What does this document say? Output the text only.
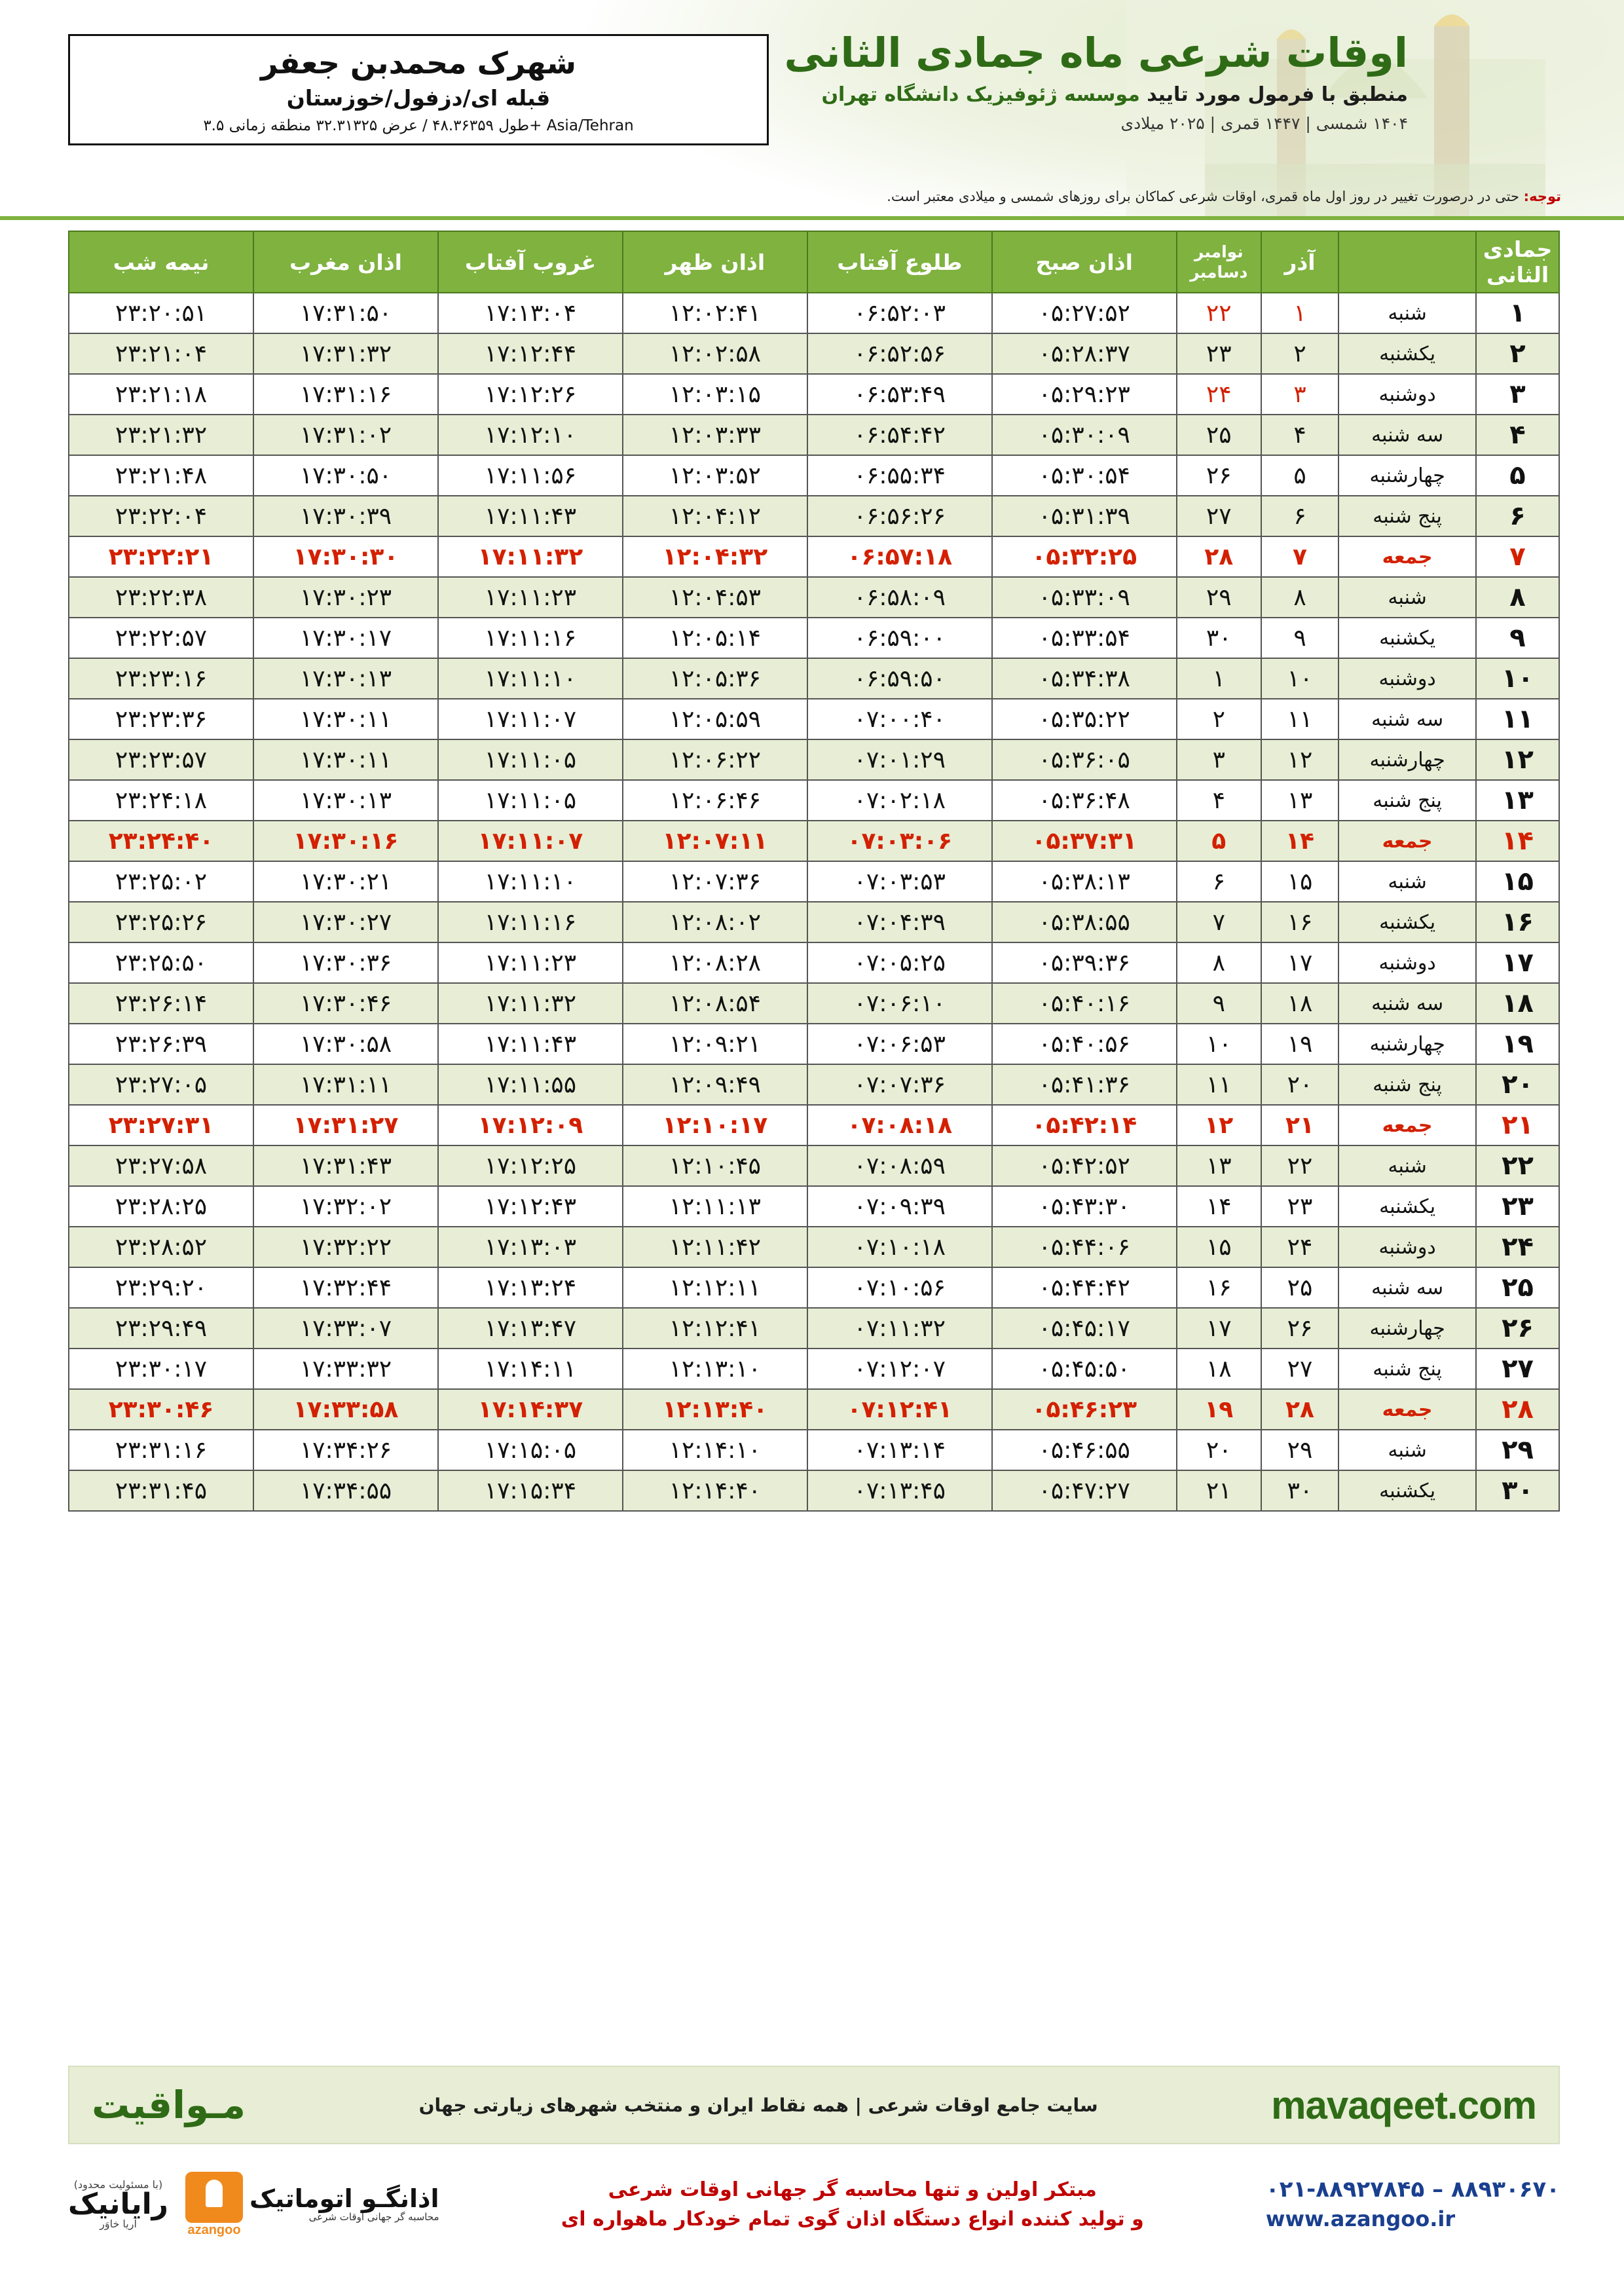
اوقات شرعی ماه جمادی الثانی
منطبق با فرمول مورد تایید موسسه ژئوفیزیک دانشگاه تهران
۱۴۰۴ شمسی | ۱۴۴۷ قمری | ۲۰۲۵ میلادی
شهرک محمدبن جعفر
قبله ای/دزفول/خوزستان
طول ۴۸.۳۶۳۵۹ / عرض ۳۲.۳۱۳۲۵ منطقه زمانی ۳.۵+ Asia/Tehran
توجه: حتی در درصورت تغییر در روز اول ماه قمری، اوقات شرعی کماکان برای روزهای شمسی و میلادی معتبر است.
جمادی الثانی		آذر	نوامبر
دسامبر	اذان صبح	طلوع آفتاب	اذان ظهر	غروب آفتاب	اذان مغرب	نیمه شب
۱	شنبه	۱	۲۲	۰۵:۲۷:۵۲	۰۶:۵۲:۰۳	۱۲:۰۲:۴۱	۱۷:۱۳:۰۴	۱۷:۳۱:۵۰	۲۳:۲۰:۵۱
۲	یکشنبه	۲	۲۳	۰۵:۲۸:۳۷	۰۶:۵۲:۵۶	۱۲:۰۲:۵۸	۱۷:۱۲:۴۴	۱۷:۳۱:۳۲	۲۳:۲۱:۰۴
۳	دوشنبه	۳	۲۴	۰۵:۲۹:۲۳	۰۶:۵۳:۴۹	۱۲:۰۳:۱۵	۱۷:۱۲:۲۶	۱۷:۳۱:۱۶	۲۳:۲۱:۱۸
۴	سه شنبه	۴	۲۵	۰۵:۳۰:۰۹	۰۶:۵۴:۴۲	۱۲:۰۳:۳۳	۱۷:۱۲:۱۰	۱۷:۳۱:۰۲	۲۳:۲۱:۳۲
۵	چهارشنبه	۵	۲۶	۰۵:۳۰:۵۴	۰۶:۵۵:۳۴	۱۲:۰۳:۵۲	۱۷:۱۱:۵۶	۱۷:۳۰:۵۰	۲۳:۲۱:۴۸
۶	پنج شنبه	۶	۲۷	۰۵:۳۱:۳۹	۰۶:۵۶:۲۶	۱۲:۰۴:۱۲	۱۷:۱۱:۴۳	۱۷:۳۰:۳۹	۲۳:۲۲:۰۴
۷	جمعه	۷	۲۸	۰۵:۳۲:۲۵	۰۶:۵۷:۱۸	۱۲:۰۴:۳۲	۱۷:۱۱:۳۲	۱۷:۳۰:۳۰	۲۳:۲۲:۲۱
۸	شنبه	۸	۲۹	۰۵:۳۳:۰۹	۰۶:۵۸:۰۹	۱۲:۰۴:۵۳	۱۷:۱۱:۲۳	۱۷:۳۰:۲۳	۲۳:۲۲:۳۸
۹	یکشنبه	۹	۳۰	۰۵:۳۳:۵۴	۰۶:۵۹:۰۰	۱۲:۰۵:۱۴	۱۷:۱۱:۱۶	۱۷:۳۰:۱۷	۲۳:۲۲:۵۷
۱۰	دوشنبه	۱۰	۱	۰۵:۳۴:۳۸	۰۶:۵۹:۵۰	۱۲:۰۵:۳۶	۱۷:۱۱:۱۰	۱۷:۳۰:۱۳	۲۳:۲۳:۱۶
۱۱	سه شنبه	۱۱	۲	۰۵:۳۵:۲۲	۰۷:۰۰:۴۰	۱۲:۰۵:۵۹	۱۷:۱۱:۰۷	۱۷:۳۰:۱۱	۲۳:۲۳:۳۶
۱۲	چهارشنبه	۱۲	۳	۰۵:۳۶:۰۵	۰۷:۰۱:۲۹	۱۲:۰۶:۲۲	۱۷:۱۱:۰۵	۱۷:۳۰:۱۱	۲۳:۲۳:۵۷
۱۳	پنج شنبه	۱۳	۴	۰۵:۳۶:۴۸	۰۷:۰۲:۱۸	۱۲:۰۶:۴۶	۱۷:۱۱:۰۵	۱۷:۳۰:۱۳	۲۳:۲۴:۱۸
۱۴	جمعه	۱۴	۵	۰۵:۳۷:۳۱	۰۷:۰۳:۰۶	۱۲:۰۷:۱۱	۱۷:۱۱:۰۷	۱۷:۳۰:۱۶	۲۳:۲۴:۴۰
۱۵	شنبه	۱۵	۶	۰۵:۳۸:۱۳	۰۷:۰۳:۵۳	۱۲:۰۷:۳۶	۱۷:۱۱:۱۰	۱۷:۳۰:۲۱	۲۳:۲۵:۰۲
۱۶	یکشنبه	۱۶	۷	۰۵:۳۸:۵۵	۰۷:۰۴:۳۹	۱۲:۰۸:۰۲	۱۷:۱۱:۱۶	۱۷:۳۰:۲۷	۲۳:۲۵:۲۶
۱۷	دوشنبه	۱۷	۸	۰۵:۳۹:۳۶	۰۷:۰۵:۲۵	۱۲:۰۸:۲۸	۱۷:۱۱:۲۳	۱۷:۳۰:۳۶	۲۳:۲۵:۵۰
۱۸	سه شنبه	۱۸	۹	۰۵:۴۰:۱۶	۰۷:۰۶:۱۰	۱۲:۰۸:۵۴	۱۷:۱۱:۳۲	۱۷:۳۰:۴۶	۲۳:۲۶:۱۴
۱۹	چهارشنبه	۱۹	۱۰	۰۵:۴۰:۵۶	۰۷:۰۶:۵۳	۱۲:۰۹:۲۱	۱۷:۱۱:۴۳	۱۷:۳۰:۵۸	۲۳:۲۶:۳۹
۲۰	پنج شنبه	۲۰	۱۱	۰۵:۴۱:۳۶	۰۷:۰۷:۳۶	۱۲:۰۹:۴۹	۱۷:۱۱:۵۵	۱۷:۳۱:۱۱	۲۳:۲۷:۰۵
۲۱	جمعه	۲۱	۱۲	۰۵:۴۲:۱۴	۰۷:۰۸:۱۸	۱۲:۱۰:۱۷	۱۷:۱۲:۰۹	۱۷:۳۱:۲۷	۲۳:۲۷:۳۱
۲۲	شنبه	۲۲	۱۳	۰۵:۴۲:۵۲	۰۷:۰۸:۵۹	۱۲:۱۰:۴۵	۱۷:۱۲:۲۵	۱۷:۳۱:۴۳	۲۳:۲۷:۵۸
۲۳	یکشنبه	۲۳	۱۴	۰۵:۴۳:۳۰	۰۷:۰۹:۳۹	۱۲:۱۱:۱۳	۱۷:۱۲:۴۳	۱۷:۳۲:۰۲	۲۳:۲۸:۲۵
۲۴	دوشنبه	۲۴	۱۵	۰۵:۴۴:۰۶	۰۷:۱۰:۱۸	۱۲:۱۱:۴۲	۱۷:۱۳:۰۳	۱۷:۳۲:۲۲	۲۳:۲۸:۵۲
۲۵	سه شنبه	۲۵	۱۶	۰۵:۴۴:۴۲	۰۷:۱۰:۵۶	۱۲:۱۲:۱۱	۱۷:۱۳:۲۴	۱۷:۳۲:۴۴	۲۳:۲۹:۲۰
۲۶	چهارشنبه	۲۶	۱۷	۰۵:۴۵:۱۷	۰۷:۱۱:۳۲	۱۲:۱۲:۴۱	۱۷:۱۳:۴۷	۱۷:۳۳:۰۷	۲۳:۲۹:۴۹
۲۷	پنج شنبه	۲۷	۱۸	۰۵:۴۵:۵۰	۰۷:۱۲:۰۷	۱۲:۱۳:۱۰	۱۷:۱۴:۱۱	۱۷:۳۳:۳۲	۲۳:۳۰:۱۷
۲۸	جمعه	۲۸	۱۹	۰۵:۴۶:۲۳	۰۷:۱۲:۴۱	۱۲:۱۳:۴۰	۱۷:۱۴:۳۷	۱۷:۳۳:۵۸	۲۳:۳۰:۴۶
۲۹	شنبه	۲۹	۲۰	۰۵:۴۶:۵۵	۰۷:۱۳:۱۴	۱۲:۱۴:۱۰	۱۷:۱۵:۰۵	۱۷:۳۴:۲۶	۲۳:۳۱:۱۶
۳۰	یکشنبه	۳۰	۲۱	۰۵:۴۷:۲۷	۰۷:۱۳:۴۵	۱۲:۱۴:۴۰	۱۷:۱۵:۳۴	۱۷:۳۴:۵۵	۲۳:۳۱:۴۵
mavaqeet.com
سایت جامع اوقات شرعی | همه نقاط ایران و منتخب شهرهای زیارتی جهان
مـواقیت
۰۲۱-۸۸۹۲۷۸۴۵ – ۸۸۹۳۰۶۷۰
www.azangoo.ir
مبتکر اولین و تنها محاسبه گر جهانی اوقات شرعی
و تولید کننده انواع دستگاه اذان گوی تمام خودکار ماهواره ای
اذانگـو اتوماتیک
محاسبه گر جهانی اوقات شرعی
azangoo
(با مسئولیت محدود)
رایانیک
آریا خاوَر
